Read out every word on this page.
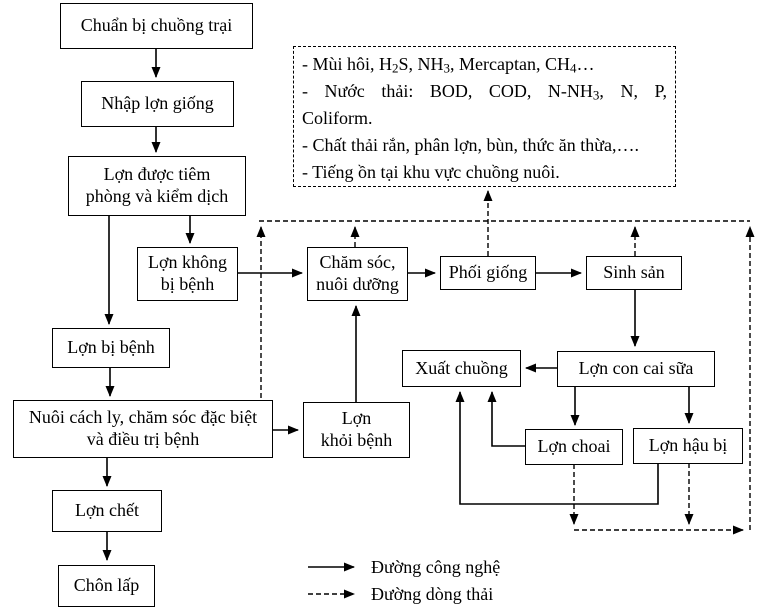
Chuẩn bị chuồng trại
Nhập lợn giống
Lợn được tiêm
phòng và kiểm dịch
Lợn không
bị bệnh
Chăm sóc,
nuôi dưỡng
Phối giống	Sinh sản
Lợn bị bệnh
Xuất chuồng	Lợn con cai sữa
Nuôi cách ly, chăm sóc đặc biệt
và điều trị bệnh
Lợn
khỏi bệnh	Lợn choai Lợn hậu bị
Lợn chết
Chôn lấp
- Mùi hôi, $H_2S$, $NH_3$, Mercaptan, $CH_4\dots$
- Nước thải: BOD, COD, $N-NH_3$, N, P,
Coliform.
- Chất thải rắn, phân lợn, bùn, thức ăn thừa,….
- Tiếng ồn tại khu vực chuồng nuôi.
Đường công nghệ
Đường dòng thải
